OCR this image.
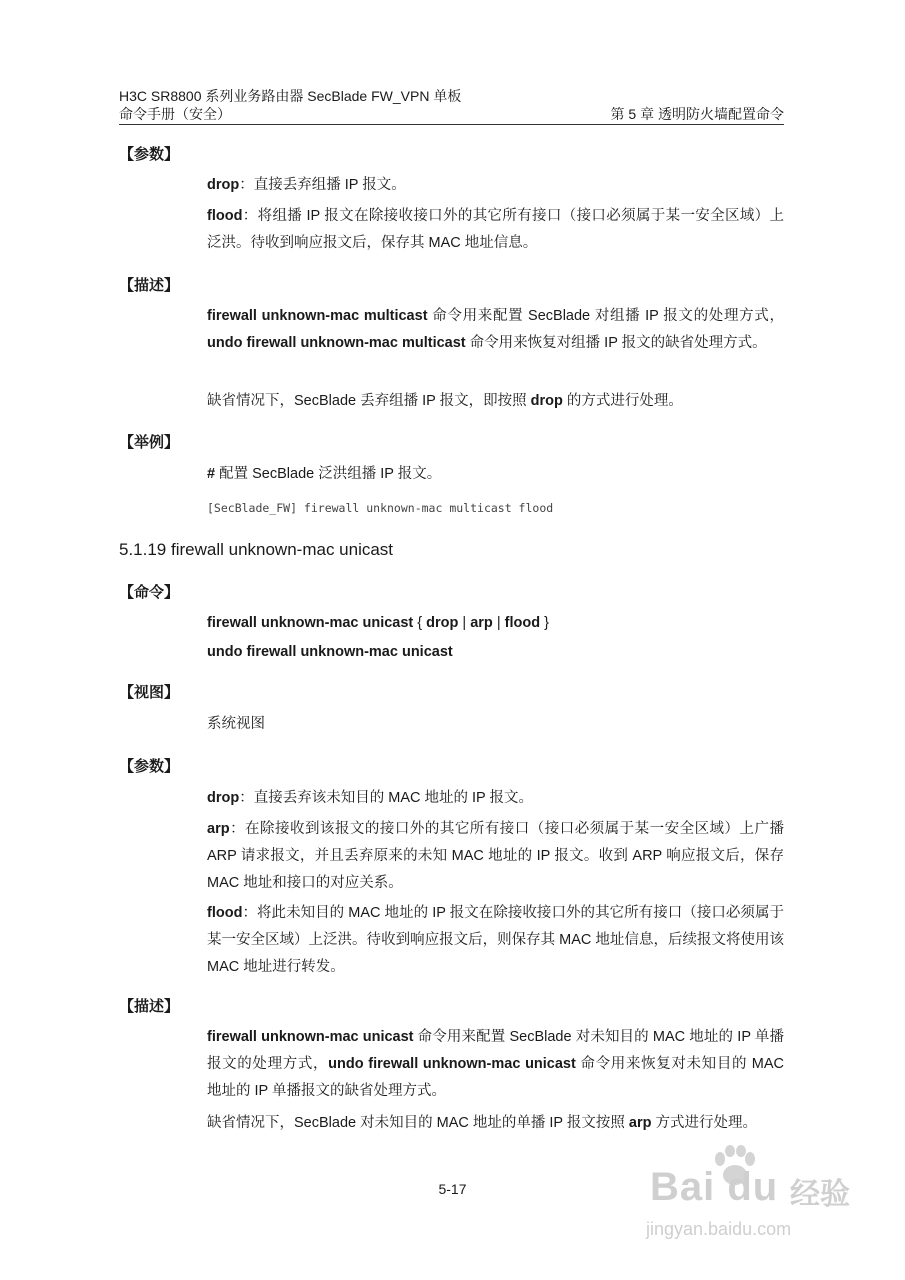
H3C SR8800 系列业务路由器 SecBlade FW_VPN 单板
命令手册（安全）	第 5 章 透明防火墙配置命令
【参数】
drop：直接丢弃组播 IP 报文。
flood：将组播 IP 报文在除接收接口外的其它所有接口（接口必须属于某一安全区域）上泛洪。待收到响应报文后，保存其 MAC 地址信息。
【描述】
firewall unknown-mac multicast 命令用来配置 SecBlade 对组播 IP 报文的处理方式，undo firewall unknown-mac multicast 命令用来恢复对组播 IP 报文的缺省处理方式。
缺省情况下，SecBlade 丢弃组播 IP 报文，即按照 drop 的方式进行处理。
【举例】
# 配置 SecBlade 泛洪组播 IP 报文。
[SecBlade_FW] firewall unknown-mac multicast flood
5.1.19 firewall unknown-mac unicast
【命令】
firewall unknown-mac unicast { drop | arp | flood }
undo firewall unknown-mac unicast
【视图】
系统视图
【参数】
drop：直接丢弃该未知目的 MAC 地址的 IP 报文。
arp：在除接收到该报文的接口外的其它所有接口（接口必须属于某一安全区域）上广播 ARP 请求报文，并且丢弃原来的未知 MAC 地址的 IP 报文。收到 ARP 响应报文后，保存 MAC 地址和接口的对应关系。
flood：将此未知目的 MAC 地址的 IP 报文在除接收接口外的其它所有接口（接口必须属于某一安全区域）上泛洪。待收到响应报文后，则保存其 MAC 地址信息，后续报文将使用该 MAC 地址进行转发。
【描述】
firewall unknown-mac unicast 命令用来配置 SecBlade 对未知目的 MAC 地址的 IP 单播报文的处理方式，undo firewall unknown-mac unicast 命令用来恢复对未知目的 MAC 地址的 IP 单播报文的缺省处理方式。
缺省情况下，SecBlade 对未知目的 MAC 地址的单播 IP 报文按照 arp 方式进行处理。
5-17	Bai du 经验
jingyan.baidu.com
